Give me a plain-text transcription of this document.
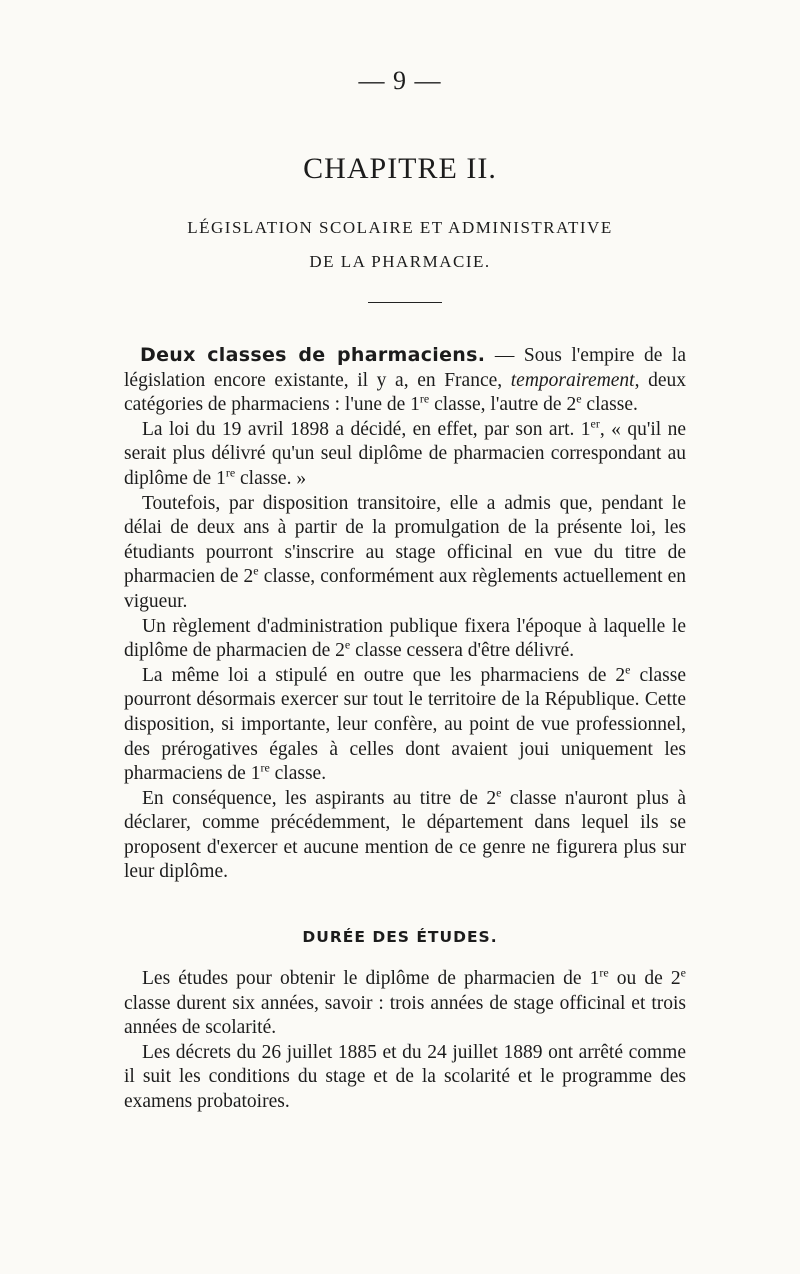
— 9 —
CHAPITRE II.
LÉGISLATION SCOLAIRE ET ADMINISTRATIVE
DE LA PHARMACIE.

Deux classes de pharmaciens. — Sous l'empire de la législation encore existante, il y a, en France, temporairement, deux catégories de pharmaciens : l'une de 1re classe, l'autre de 2e classe.

La loi du 19 avril 1898 a décidé, en effet, par son art. 1er, « qu'il ne serait plus délivré qu'un seul diplôme de pharmacien correspondant au diplôme de 1re classe. »

Toutefois, par disposition transitoire, elle a admis que, pendant le délai de deux ans à partir de la promulgation de la présente loi, les étudiants pourront s'inscrire au stage officinal en vue du titre de pharmacien de 2e classe, conformément aux règlements actuellement en vigueur.

Un règlement d'administration publique fixera l'époque à laquelle le diplôme de pharmacien de 2e classe cessera d'être délivré.

La même loi a stipulé en outre que les pharmaciens de 2e classe pourront désormais exercer sur tout le territoire de la République. Cette disposition, si importante, leur confère, au point de vue professionnel, des prérogatives égales à celles dont avaient joui uniquement les pharmaciens de 1re classe.

En conséquence, les aspirants au titre de 2e classe n'auront plus à déclarer, comme précédemment, le département dans lequel ils se proposent d'exercer et aucune mention de ce genre ne figurera plus sur leur diplôme.

DURÉE DES ÉTUDES.

Les études pour obtenir le diplôme de pharmacien de 1re ou de 2e classe durent six années, savoir : trois années de stage officinal et trois années de scolarité.

Les décrets du 26 juillet 1885 et du 24 juillet 1889 ont arrêté comme il suit les conditions du stage et de la scolarité et le programme des examens probatoires.
